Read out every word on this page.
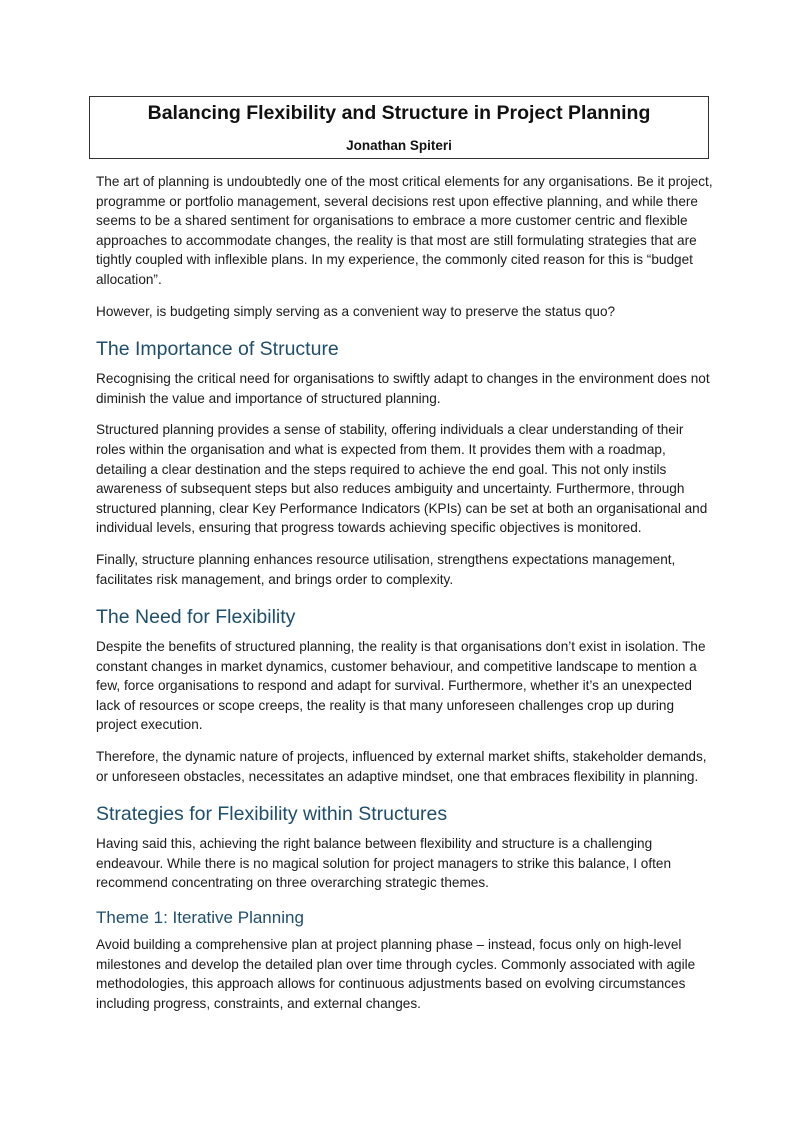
Balancing Flexibility and Structure in Project Planning
Jonathan Spiteri

The art of planning is undoubtedly one of the most critical elements for any organisations. Be it project, programme or portfolio management, several decisions rest upon effective planning, and while there seems to be a shared sentiment for organisations to embrace a more customer centric and flexible approaches to accommodate changes, the reality is that most are still formulating strategies that are tightly coupled with inflexible plans. In my experience, the commonly cited reason for this is “budget allocation”.

However, is budgeting simply serving as a convenient way to preserve the status quo?

The Importance of Structure

Recognising the critical need for organisations to swiftly adapt to changes in the environment does not diminish the value and importance of structured planning.

Structured planning provides a sense of stability, offering individuals a clear understanding of their roles within the organisation and what is expected from them. It provides them with a roadmap, detailing a clear destination and the steps required to achieve the end goal. This not only instils awareness of subsequent steps but also reduces ambiguity and uncertainty. Furthermore, through structured planning, clear Key Performance Indicators (KPIs) can be set at both an organisational and individual levels, ensuring that progress towards achieving specific objectives is monitored.

Finally, structure planning enhances resource utilisation, strengthens expectations management, facilitates risk management, and brings order to complexity.

The Need for Flexibility

Despite the benefits of structured planning, the reality is that organisations don’t exist in isolation. The constant changes in market dynamics, customer behaviour, and competitive landscape to mention a few, force organisations to respond and adapt for survival. Furthermore, whether it’s an unexpected lack of resources or scope creeps, the reality is that many unforeseen challenges crop up during project execution.

Therefore, the dynamic nature of projects, influenced by external market shifts, stakeholder demands, or unforeseen obstacles, necessitates an adaptive mindset, one that embraces flexibility in planning.

Strategies for Flexibility within Structures

Having said this, achieving the right balance between flexibility and structure is a challenging endeavour. While there is no magical solution for project managers to strike this balance, I often recommend concentrating on three overarching strategic themes.

Theme 1: Iterative Planning

Avoid building a comprehensive plan at project planning phase – instead, focus only on high-level milestones and develop the detailed plan over time through cycles. Commonly associated with agile methodologies, this approach allows for continuous adjustments based on evolving circumstances including progress, constraints, and external changes.
